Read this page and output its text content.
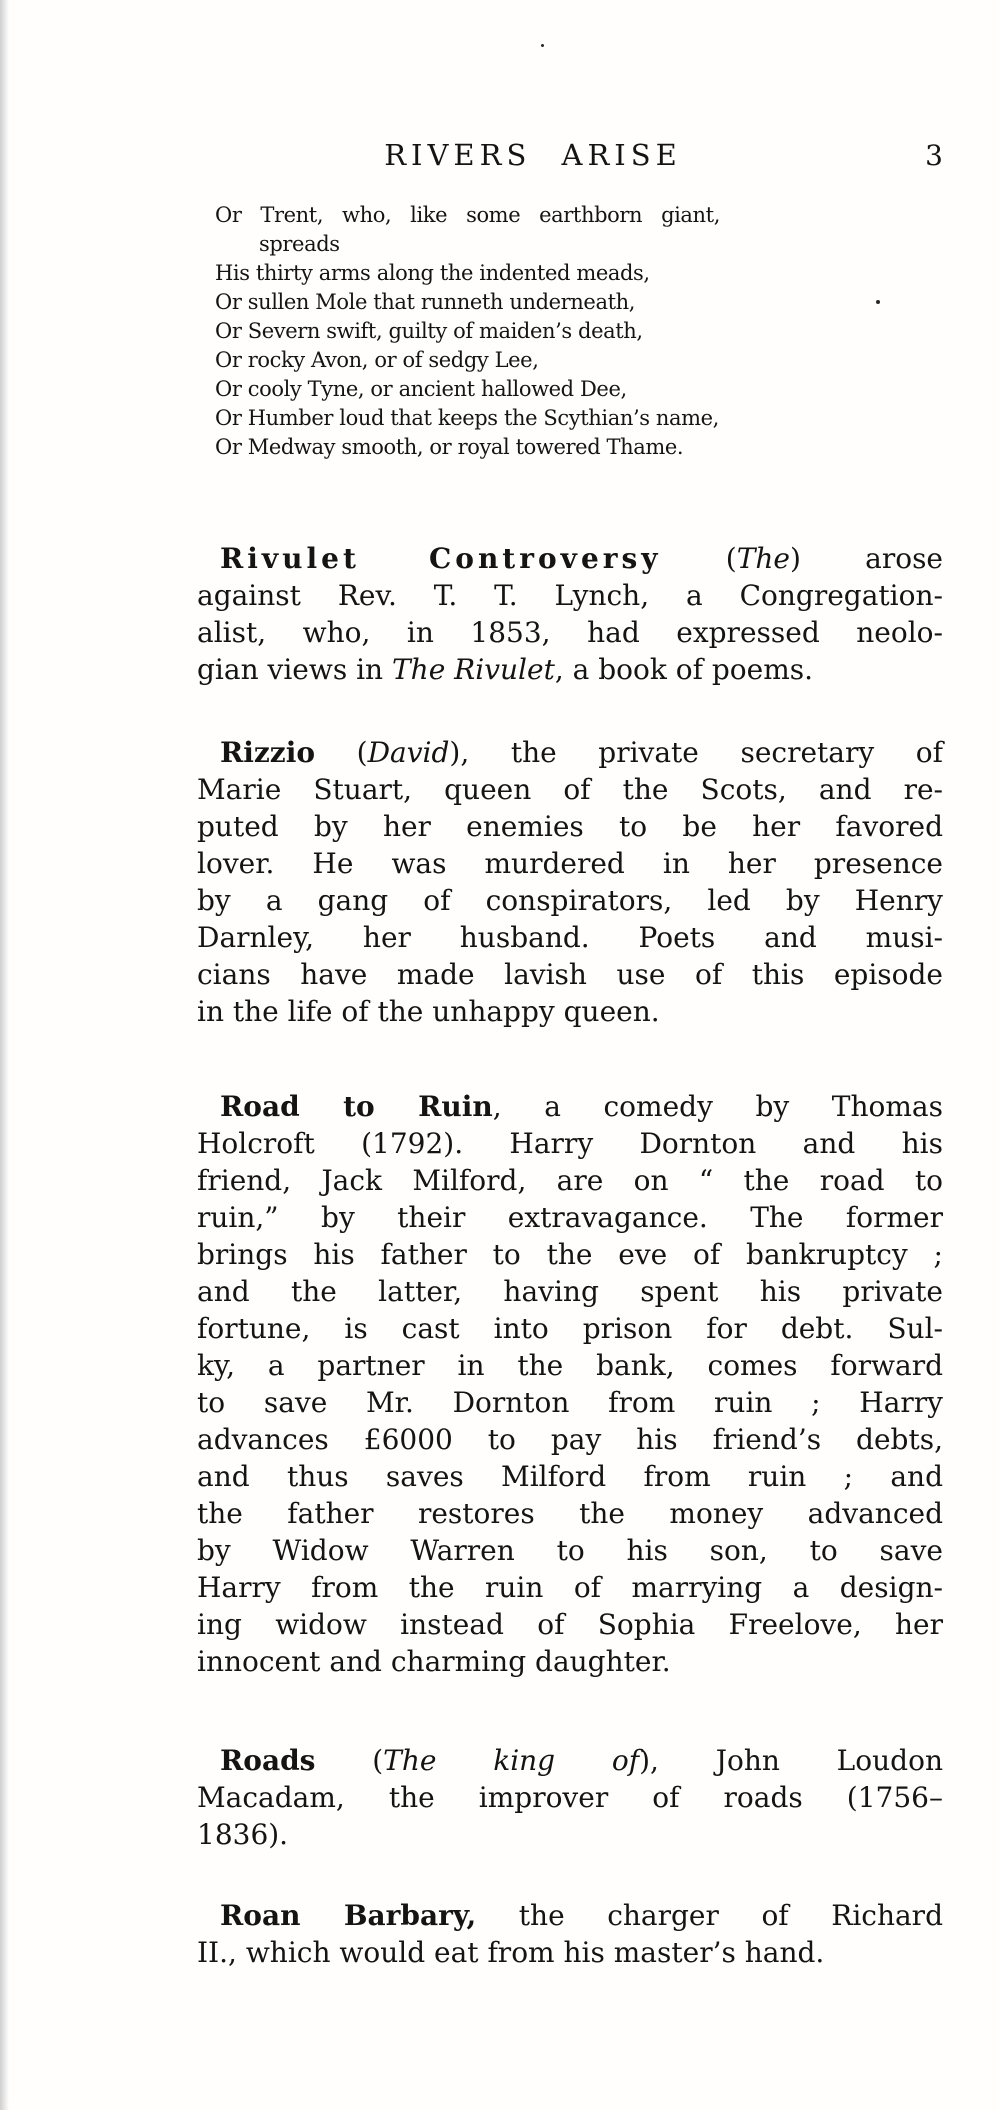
RIVERS ARISE	3
Or Trent, who, like some earthborn giant,
spreads
His thirty arms along the indented meads,
Or sullen Mole that runneth underneath,
Or Severn swift, guilty of maiden’s death,
Or rocky Avon, or of sedgy Lee,
Or cooly Tyne, or ancient hallowed Dee,
Or Humber loud that keeps the Scythian’s name,
Or Medway smooth, or royal towered Thame.
Rivulet Controversy (The) arose
against Rev. T. T. Lynch, a Congregation-
alist, who, in 1853, had expressed neolo-
gian views in The Rivulet, a book of poems.
Rizzio (David), the private secretary of
Marie Stuart, queen of the Scots, and re-
puted by her enemies to be her favored
lover. He was murdered in her presence
by a gang of conspirators, led by Henry
Darnley, her husband. Poets and musi-
cians have made lavish use of this episode
in the life of the unhappy queen.
Road to Ruin, a comedy by Thomas
Holcroft (1792). Harry Dornton and his
friend, Jack Milford, are on “ the road to
ruin,” by their extravagance. The former
brings his father to the eve of bankruptcy ;
and the latter, having spent his private
fortune, is cast into prison for debt. Sul-
ky, a partner in the bank, comes forward
to save Mr. Dornton from ruin ; Harry
advances £6000 to pay his friend’s debts,
and thus saves Milford from ruin ; and
the father restores the money advanced
by Widow Warren to his son, to save
Harry from the ruin of marrying a design-
ing widow instead of Sophia Freelove, her
innocent and charming daughter.
Roads (The king of), John Loudon
Macadam, the improver of roads (1756–
1836).
Roan Barbary, the charger of Richard
II., which would eat from his master’s hand.
